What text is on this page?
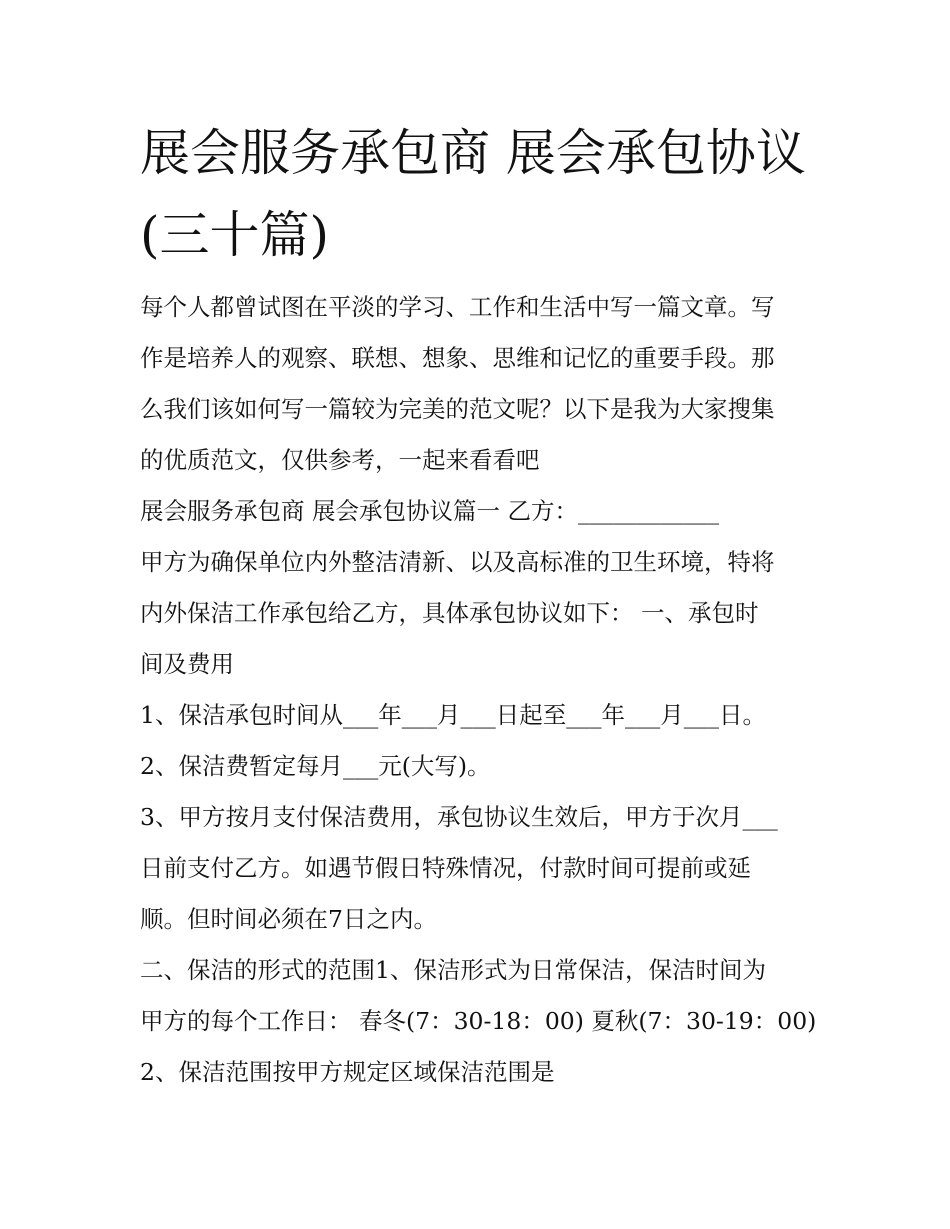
展会服务承包商 展会承包协议
(三十篇)
每个人都曾试图在平淡的学习、工作和生活中写一篇文章。写
作是培养人的观察、联想、想象、思维和记忆的重要手段。那
么我们该如何写一篇较为完美的范文呢？以下是我为大家搜集
的优质范文，仅供参考，一起来看看吧
展会服务承包商 展会承包协议篇一 乙方：____________
甲方为确保单位内外整洁清新、以及高标准的卫生环境，特将
内外保洁工作承包给乙方，具体承包协议如下： 一、承包时
间及费用
1、保洁承包时间从___年___月___日起至___年___月___日。
2、保洁费暂定每月___元(大写)。
3、甲方按月支付保洁费用，承包协议生效后，甲方于次月___
日前支付乙方。如遇节假日特殊情况，付款时间可提前或延
顺。但时间必须在7日之内。
二、保洁的形式的范围1、保洁形式为日常保洁，保洁时间为
甲方的每个工作日： 春冬(7：30-18：00) 夏秋(7：30-19：00)
2、保洁范围按甲方规定区域保洁范围是
